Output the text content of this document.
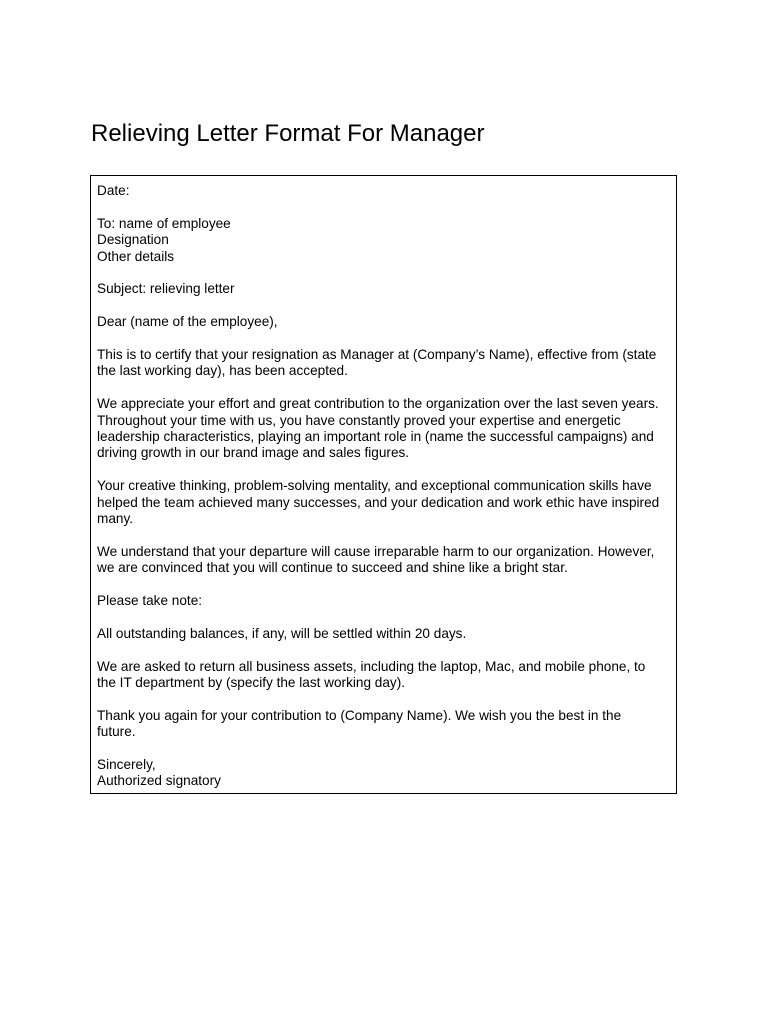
Relieving Letter Format For Manager
Date:
To: name of employee
Designation
Other details
Subject: relieving letter
Dear (name of the employee),
This is to certify that your resignation as Manager at (Company’s Name), effective from (state
the last working day), has been accepted.
We appreciate your effort and great contribution to the organization over the last seven years.
Throughout your time with us, you have constantly proved your expertise and energetic
leadership characteristics, playing an important role in (name the successful campaigns) and
driving growth in our brand image and sales figures.
Your creative thinking, problem-solving mentality, and exceptional communication skills have
helped the team achieved many successes, and your dedication and work ethic have inspired
many.
We understand that your departure will cause irreparable harm to our organization. However,
we are convinced that you will continue to succeed and shine like a bright star.
Please take note:
All outstanding balances, if any, will be settled within 20 days.
We are asked to return all business assets, including the laptop, Mac, and mobile phone, to
the IT department by (specify the last working day).
Thank you again for your contribution to (Company Name). We wish you the best in the
future.
Sincerely,
Authorized signatory
